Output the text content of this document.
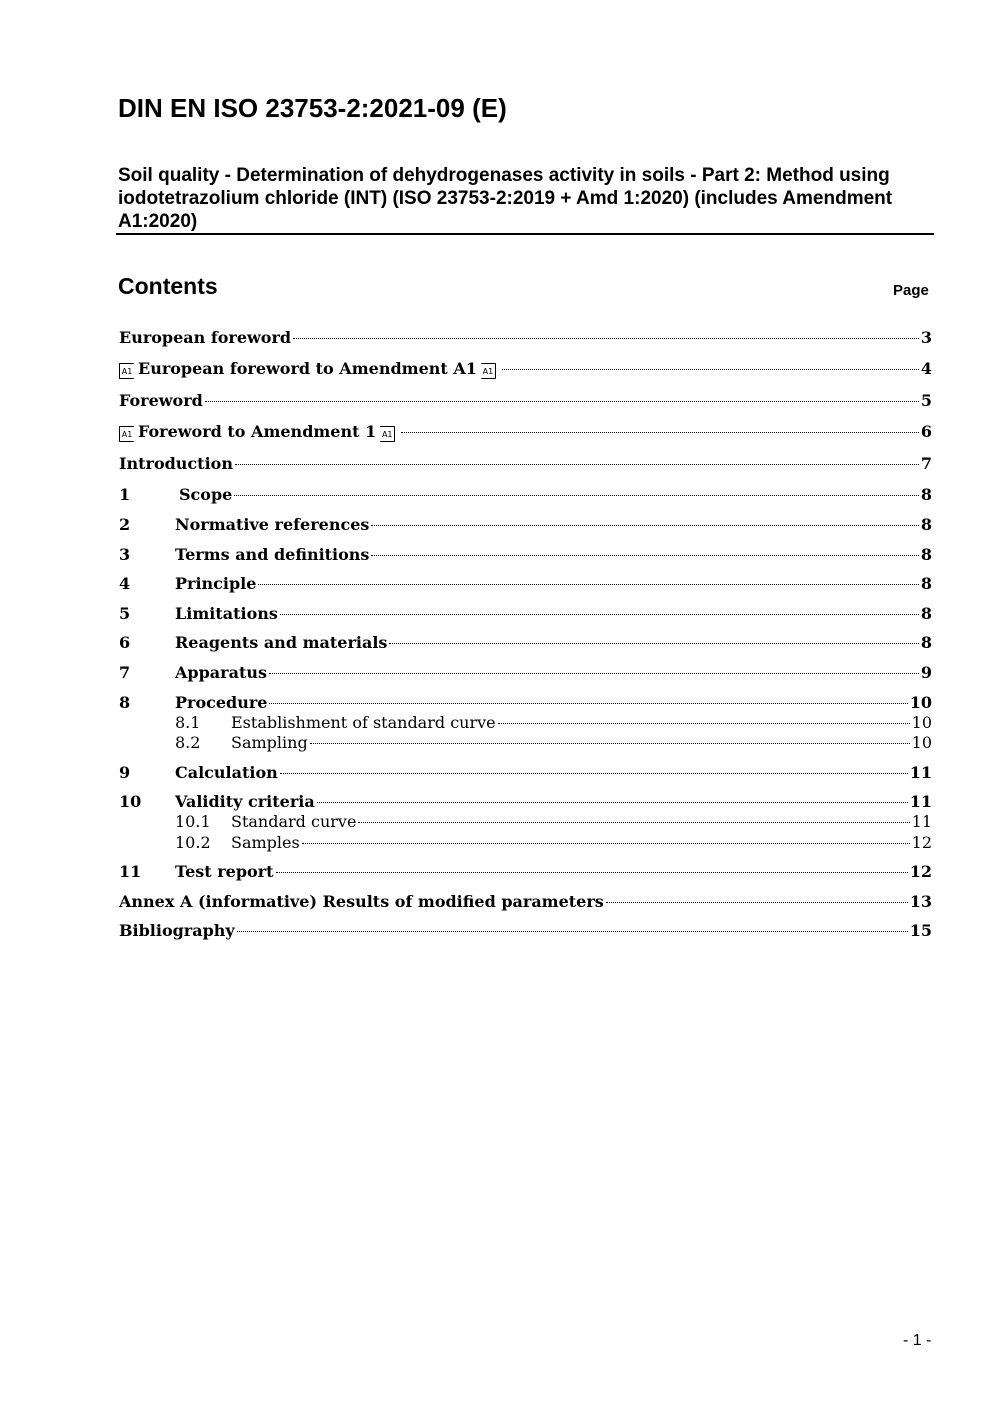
DIN EN ISO 23753-2:2021-09 (E)

Soil quality - Determination of dehydrogenases activity in soils - Part 2: Method using iodotetrazolium chloride (INT) (ISO 23753-2:2019 + Amd 1:2020) (includes Amendment A1:2020)

Contents	Page
European foreword	3
A1 European foreword to Amendment A1 A1	4
Foreword	5
A1 Foreword to Amendment 1 A1	6
Introduction	7
1	Scope	8
2	Normative references	8
3	Terms and definitions	8
4	Principle	8
5	Limitations	8
6	Reagents and materials	8
7	Apparatus	9
8	Procedure	10
8.1	Establishment of standard curve	10
8.2	Sampling	10
9	Calculation	11
10	Validity criteria	11
10.1	Standard curve	11
10.2	Samples	12
11	Test report	12
Annex A (informative) Results of modified parameters	13
Bibliography	15
- 1 -
